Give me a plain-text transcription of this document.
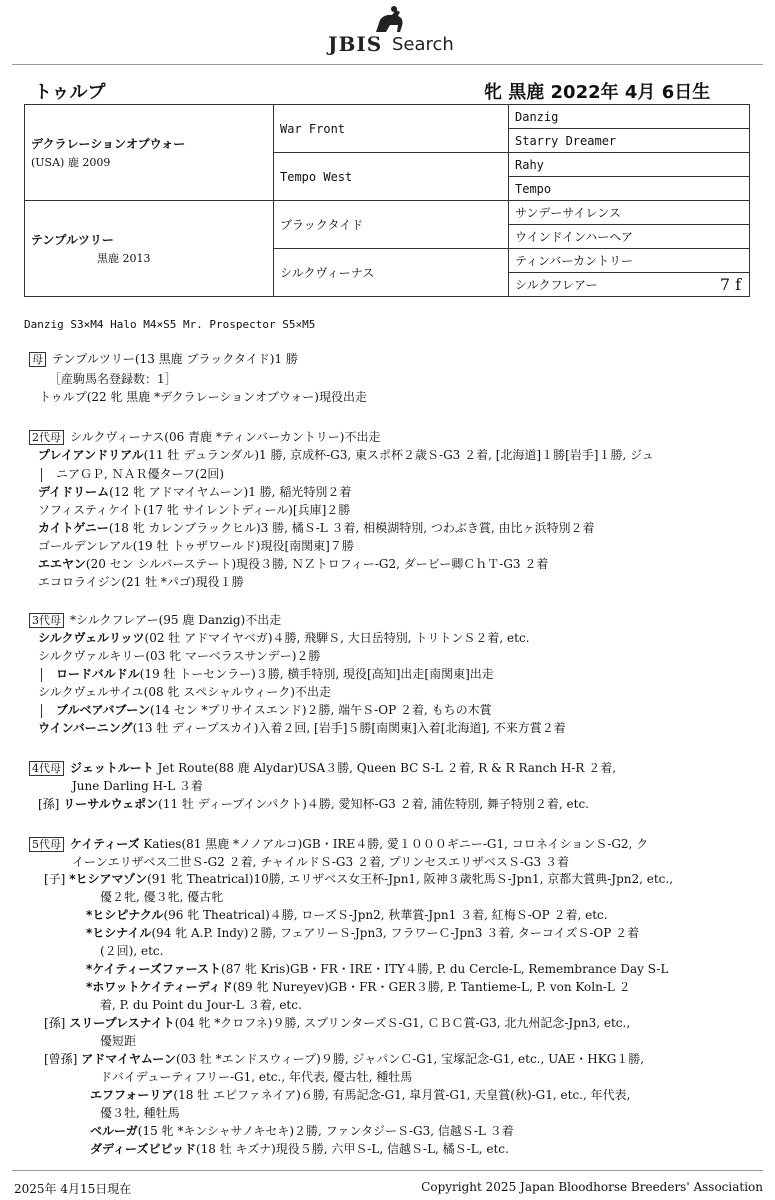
JBIS Search
トゥルプ	牝 黒鹿 2022年 4月 6日生
デクラレーションオブウォー
(USA) 鹿 2009	War Front	Danzig
		Starry Dreamer
	Tempo West	Rahy
		Tempo

テンプルツリー
黒鹿 2013	ブラックタイド	サンデーサイレンス
		ウインドインハーヘア
	シルクヴィーナス	ティンバーカントリー
		シルクフレアー 7 f
Danzig S3×M4 Halo M4×S5 Mr. Prospector S5×M5
母 テンプルツリー(13 黒鹿 ブラックタイド)1 勝
［産駒馬名登録数：1］
トゥルプ(22 牝 黒鹿 *デクラレーションオブウォー)現役出走
2代母 シルクヴィーナス(06 青鹿 *ティンバーカントリー)不出走
プレイアンドリアル(11 牡 デュランダル)1 勝, 京成杯-G3, 東スポ杯２歳Ｓ-G3 ２着, [北海道]１勝[岩手]１勝, ジュ
ニアＧＰ, ＮＡＲ優ターフ(2回)
デイドリーム(12 牝 アドマイヤムーン)1 勝, 稲光特別２着
ソフィスティケイト(17 牝 サイレントディール)[兵庫]２勝
カイトゲニー(18 牝 カレンブラックヒル)3 勝, 橘Ｓ-L ３着, 相模湖特別, つわぶき賞, 由比ヶ浜特別２着
ゴールデンレアル(19 牡 トゥザワールド)現役[南関東]７勝
エエヤン(20 セン シルバーステート)現役３勝, ＮＺトロフィー-G2, ダービー卿ＣｈＴ-G3 ２着
エコロライジン(21 牡 *パゴ)現役１勝
3代母 *シルクフレアー(95 鹿 Danzig)不出走
シルクヴェルリッツ(02 牡 アドマイヤベガ)４勝, 飛騨Ｓ, 大日岳特別, トリトンＳ２着, etc.
シルクヴァルキリー(03 牝 マーベラスサンデー)２勝
ロードバルドル(19 牡 トーセンラー)３勝, 横手特別, 現役[高知]出走[南関東]出走
シルクヴェルサイユ(08 牝 スペシャルウィーク)不出走
ブルベアバブーン(14 セン *プリサイスエンド)２勝, 端午Ｓ-OP ２着, もちの木賞
ウインバーニング(13 牡 ディープスカイ)入着２回, [岩手]５勝[南関東]入着[北海道], 不来方賞２着
4代母 ジェットルート Jet Route(88 鹿 Alydar)USA３勝, Queen BC S-L ２着, R & R Ranch H-R ２着,
June Darling H-L ３着
[孫] リーサルウェポン(11 牡 ディープインパクト)４勝, 愛知杯-G3 ２着, 浦佐特別, 舞子特別２着, etc.
5代母 ケイティーズ Katies(81 黒鹿 *ノノアルコ)GB・IRE４勝, 愛１０００ギニー-G1, コロネイションＳ-G2, ク
イーンエリザベス二世Ｓ-G2 ２着, チャイルドＳ-G3 ２着, プリンセスエリザベスＳ-G3 ３着
[子] *ヒシアマゾン(91 牝 Theatrical)10勝, エリザベス女王杯-Jpn1, 阪神３歳牝馬Ｓ-Jpn1, 京都大賞典-Jpn2, etc.,
優２牝, 優３牝, 優古牝
*ヒシピナクル(96 牝 Theatrical)４勝, ローズＳ-Jpn2, 秋華賞-Jpn1 ３着, 紅梅Ｓ-OP ２着, etc.
*ヒシナイル(94 牝 A.P. Indy)２勝, フェアリーＳ-Jpn3, フラワーＣ-Jpn3 ３着, ターコイズＳ-OP ２着
(２回), etc.
*ケイティーズファースト(87 牝 Kris)GB・FR・IRE・ITY４勝, P. du Cercle-L, Remembrance Day S-L
*ホワットケイティーディド(89 牝 Nureyev)GB・FR・GER３勝, P. Tantieme-L, P. von Koln-L ２
着, P. du Point du Jour-L ３着, etc.
[孫] スリープレスナイト(04 牝 *クロフネ)９勝, スプリンターズＳ-G1, ＣＢＣ賞-G3, 北九州記念-Jpn3, etc.,
優短距
[曾孫] アドマイヤムーン(03 牡 *エンドスウィープ)９勝, ジャパンＣ-G1, 宝塚記念-G1, etc., UAE・HKG１勝,
ドバイデューティフリー-G1, etc., 年代表, 優古牡, 種牡馬
エフフォーリア(18 牡 エピファネイア)６勝, 有馬記念-G1, 皐月賞-G1, 天皇賞(秋)-G1, etc., 年代表,
優３牡, 種牡馬
ベルーガ(15 牝 *キンシャサノキセキ)２勝, ファンタジーＳ-G3, 信越Ｓ-L ３着
ダディーズビビッド(18 牡 キズナ)現役５勝, 六甲Ｓ-L, 信越Ｓ-L, 橘Ｓ-L, etc.
2025年 4月15日現在	Copyright 2025 Japan Bloodhorse Breeders' Association
